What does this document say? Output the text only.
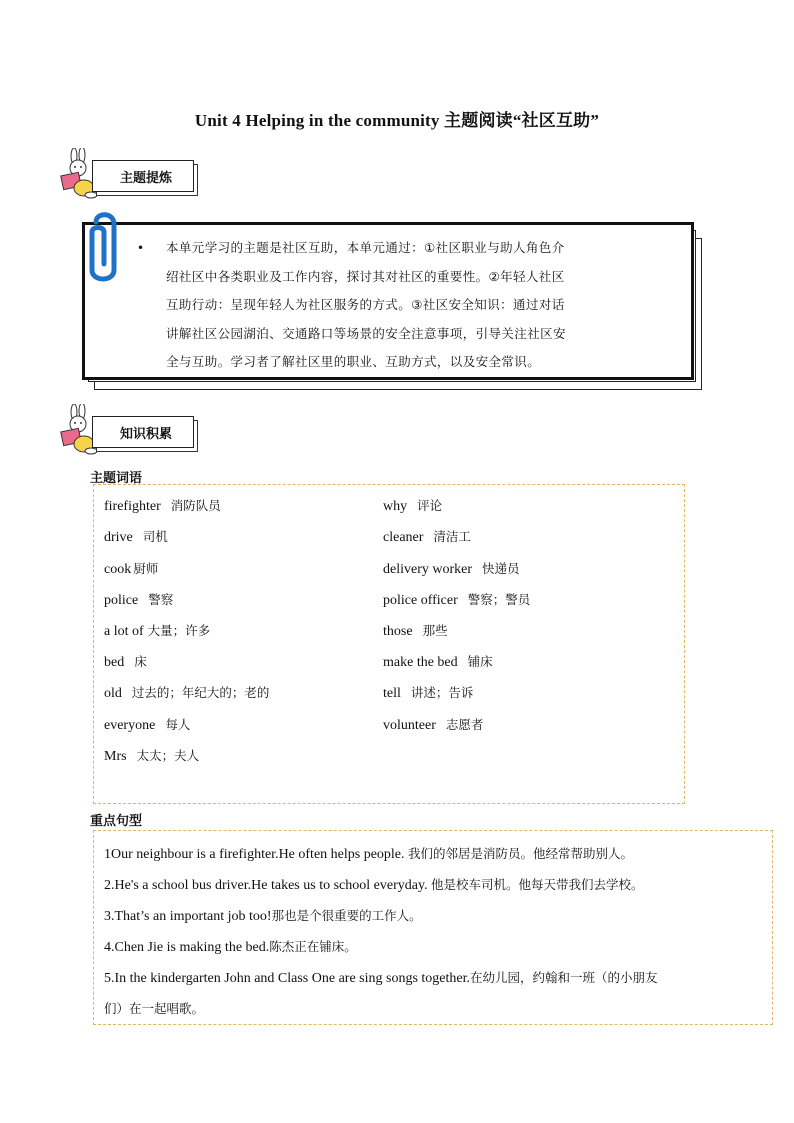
Unit 4 Helping in the community 主题阅读“社区互助”
主题提炼
• 本单元学习的主题是社区互助，本单元通过：①社区职业与助人角色介
绍社区中各类职业及工作内容，探讨其对社区的重要性。②年轻人社区
互助行动：呈现年轻人为社区服务的方式。③社区安全知识：通过对话
讲解社区公园湖泊、交通路口等场景的安全注意事项，引导关注社区安
全与互助。学习者了解社区里的职业、互助方式，以及安全常识。
知识积累
主题词语
firefighter 消防队员
drive 司机
cook 厨师
police 警察
a lot of 大量；许多
bed 床
old 过去的；年纪大的；老的
everyone 每人
Mrs 太太；夫人
why 评论
cleaner 清洁工
delivery worker 快递员
police officer 警察；警员
those 那些
make the bed 铺床
tell 讲述；告诉
volunteer 志愿者
重点句型
1Our neighbour is a firefighter.He often helps people. 我们的邻居是消防员。他经常帮助别人。
2.He's a school bus driver.He takes us to school everyday. 他是校车司机。他每天带我们去学校。
3.That’s an important job too!那也是个很重要的工作人。
4.Chen Jie is making the bed.陈杰正在铺床。
5.In the kindergarten John and Class One are sing songs together.在幼儿园，约翰和一班（的小朋友
们）在一起唱歌。
